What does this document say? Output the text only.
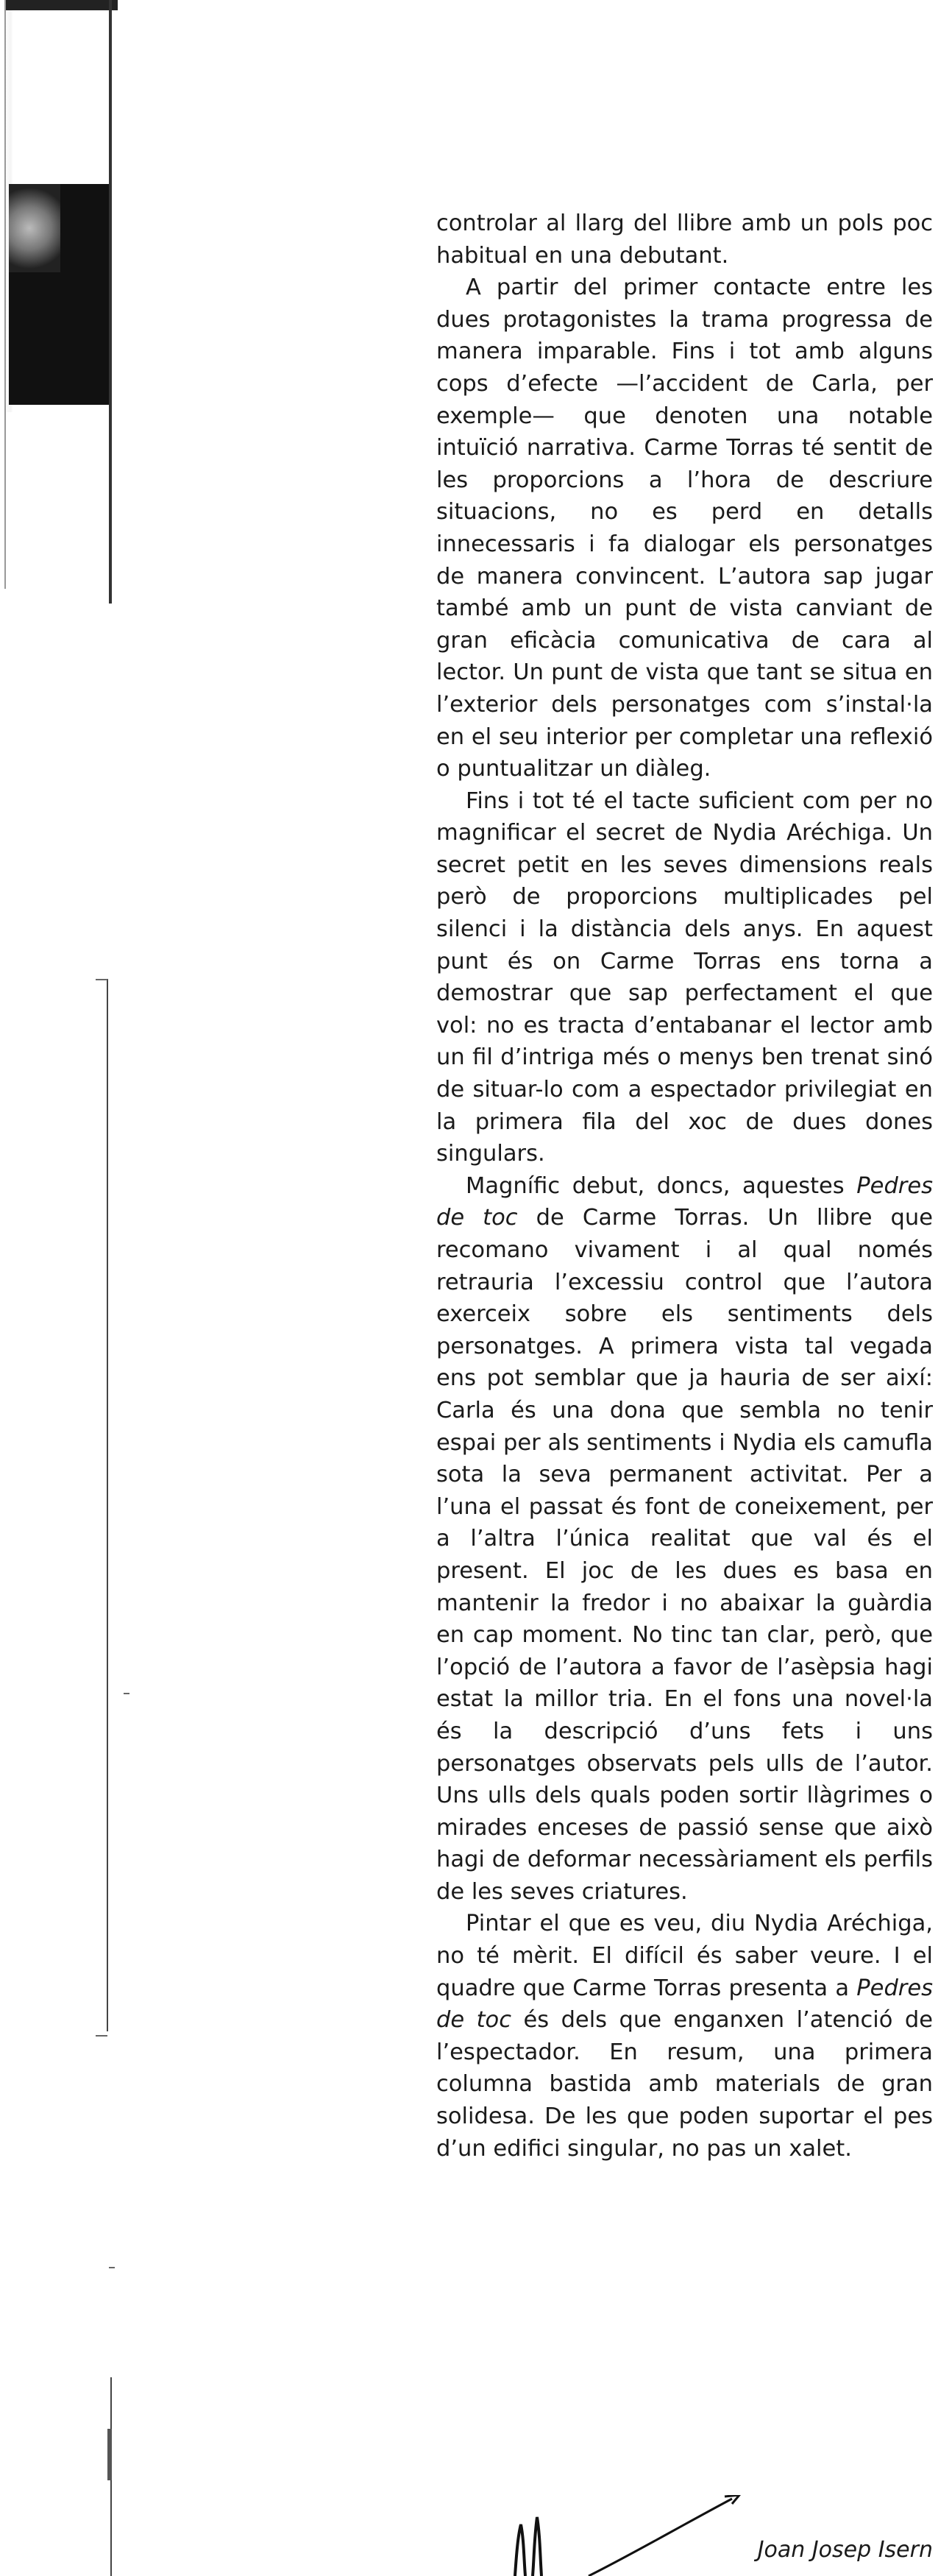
controlar al llarg del llibre amb un pols poc habitual en una debutant.

A partir del primer contacte entre les dues protagonistes la trama progressa de manera imparable. Fins i tot amb alguns cops d’efecte —l’accident de Carla, per exemple— que denoten una notable intuïció narrativa. Carme Torras té sentit de les proporcions a l’hora de descriure situacions, no es perd en detalls innecessaris i fa dialogar els personatges de manera convincent. L’autora sap jugar també amb un punt de vista canviant de gran eficàcia comunicativa de cara al lector. Un punt de vista que tant se situa en l’exterior dels personatges com s’instal·la en el seu interior per completar una reflexió o puntualitzar un diàleg.

Fins i tot té el tacte suficient com per no magnificar el secret de Nydia Aréchiga. Un secret petit en les seves dimensions reals però de proporcions multiplicades pel silenci i la distància dels anys. En aquest punt és on Carme Torras ens torna a demostrar que sap perfectament el que vol: no es tracta d’entabanar el lector amb un fil d’intriga més o menys ben trenat sinó de situar-lo com a espectador privilegiat en la primera fila del xoc de dues dones singulars.

Magnífic debut, doncs, aquestes Pedres de toc de Carme Torras. Un llibre que recomano vivament i al qual només retrauria l’excessiu control que l’autora exerceix sobre els sentiments dels personatges. A primera vista tal vegada ens pot semblar que ja hauria de ser així: Carla és una dona que sembla no tenir espai per als sentiments i Nydia els camufla sota la seva permanent activitat. Per a l’una el passat és font de coneixement, per a l’altra l’única realitat que val és el present. El joc de les dues es basa en mantenir la fredor i no abaixar la guàrdia en cap moment. No tinc tan clar, però, que l’opció de l’autora a favor de l’asèpsia hagi estat la millor tria. En el fons una novel·la és la descripció d’uns fets i uns personatges observats pels ulls de l’autor. Uns ulls dels quals poden sortir llàgrimes o mirades enceses de passió sense que això hagi de deformar necessàriament els perfils de les seves criatures.

Pintar el que es veu, diu Nydia Aréchiga, no té mèrit. El difícil és saber veure. I el quadre que Carme Torras presenta a Pedres de toc és dels que enganxen l’atenció de l’espectador. En resum, una primera columna bastida amb materials de gran solidesa. De les que poden suportar el pes d’un edifici singular, no pas un xalet.

Joan Josep Isern
